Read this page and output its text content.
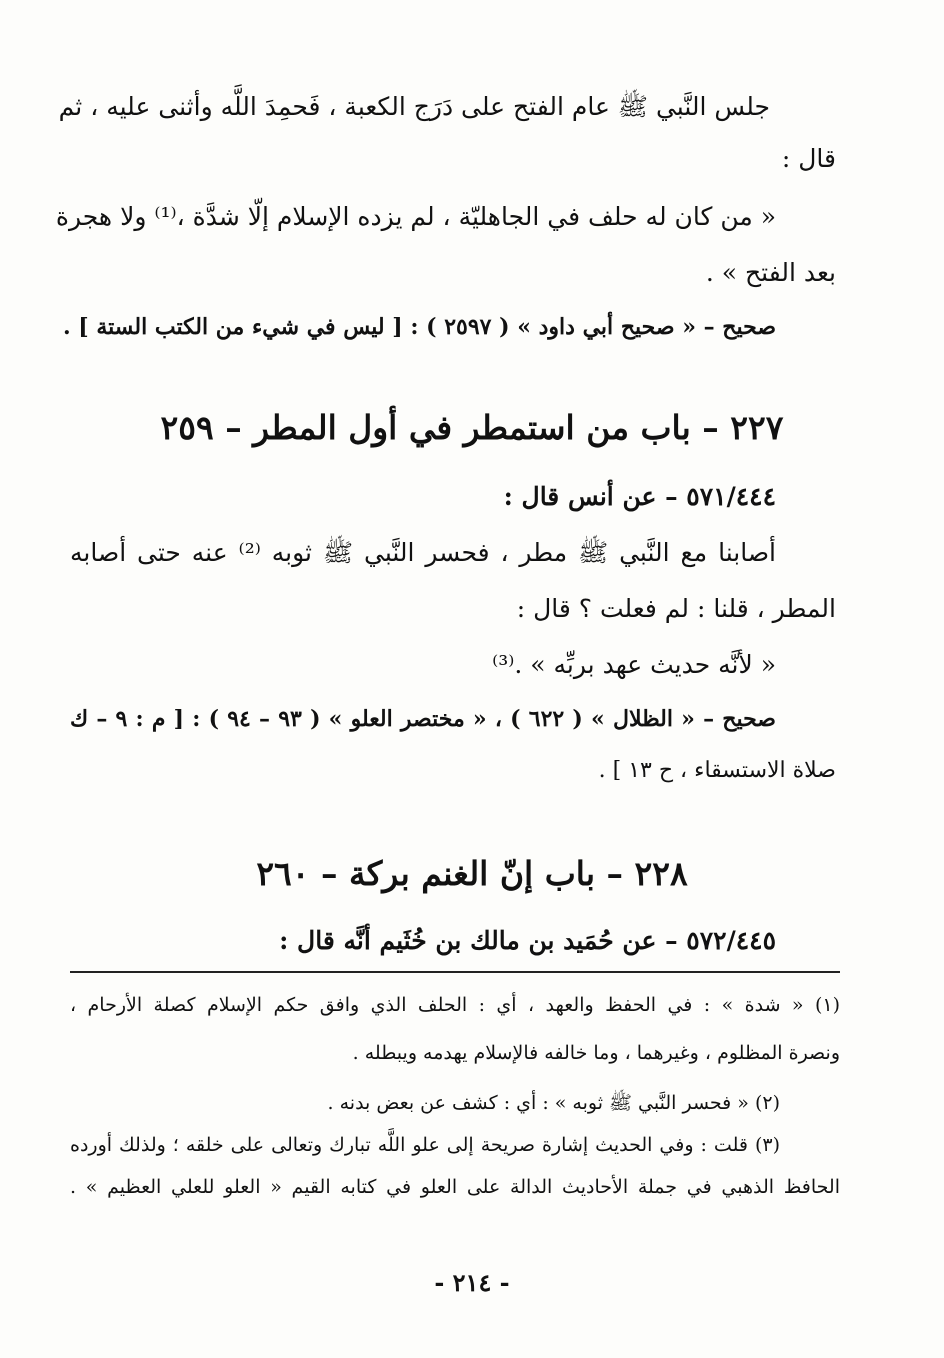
جلس النَّبي ﷺ عام الفتح على دَرَج الكعبة ، فَحمِدَ اللَّه وأثنى عليه ، ثم
قال :
« من كان له حلف في الجاهليّة ، لم يزده الإسلام إلّا شدَّة ،⁽¹⁾ ولا هجرة
بعد الفتح » .
صحيح – « صحيح أبي داود » ( ٢٥٩٧ ) : [ ليس في شيء من الكتب الستة ] .
٢٢٧ – باب من استمطر في أول المطر – ٢٥٩
٥٧١/٤٤٤ – عن أنس قال :
أصابنا مع النَّبي ﷺ مطر ، فحسر النَّبي ﷺ ثوبه ⁽²⁾ عنه حتى أصابه
المطر ، قلنا : لم فعلت ؟ قال :
« لأنَّه حديث عهد بربِّه » .⁽³⁾
صحيح – « الظلال » ( ٦٢٢ ) ، « مختصر العلو » ( ٩٣ – ٩٤ ) : [ م : ٩ – ك
صلاة الاستسقاء ، ح ١٣ ] .
٢٢٨ – باب إنّ الغنم بركة – ٢٦٠
٥٧٢/٤٤٥ – عن حُمَيد بن مالك بن خُثَيم أنَّه قال :
(١) « شدة » : في الحفظ والعهد ، أي : الحلف الذي وافق حكم الإسلام كصلة الأرحام ،
ونصرة المظلوم ، وغيرهما ، وما خالفه فالإسلام يهدمه ويبطله .
(٢) « فحسر النَّبي ﷺ ثوبه » : أي : كشف عن بعض بدنه .
(٣) قلت : وفي الحديث إشارة صريحة إلى علو اللَّه تبارك وتعالى على خلقه ؛ ولذلك أورده
الحافظ الذهبي في جملة الأحاديث الدالة على العلو في كتابه القيم « العلو للعلي العظيم » .
- ٢١٤ -
